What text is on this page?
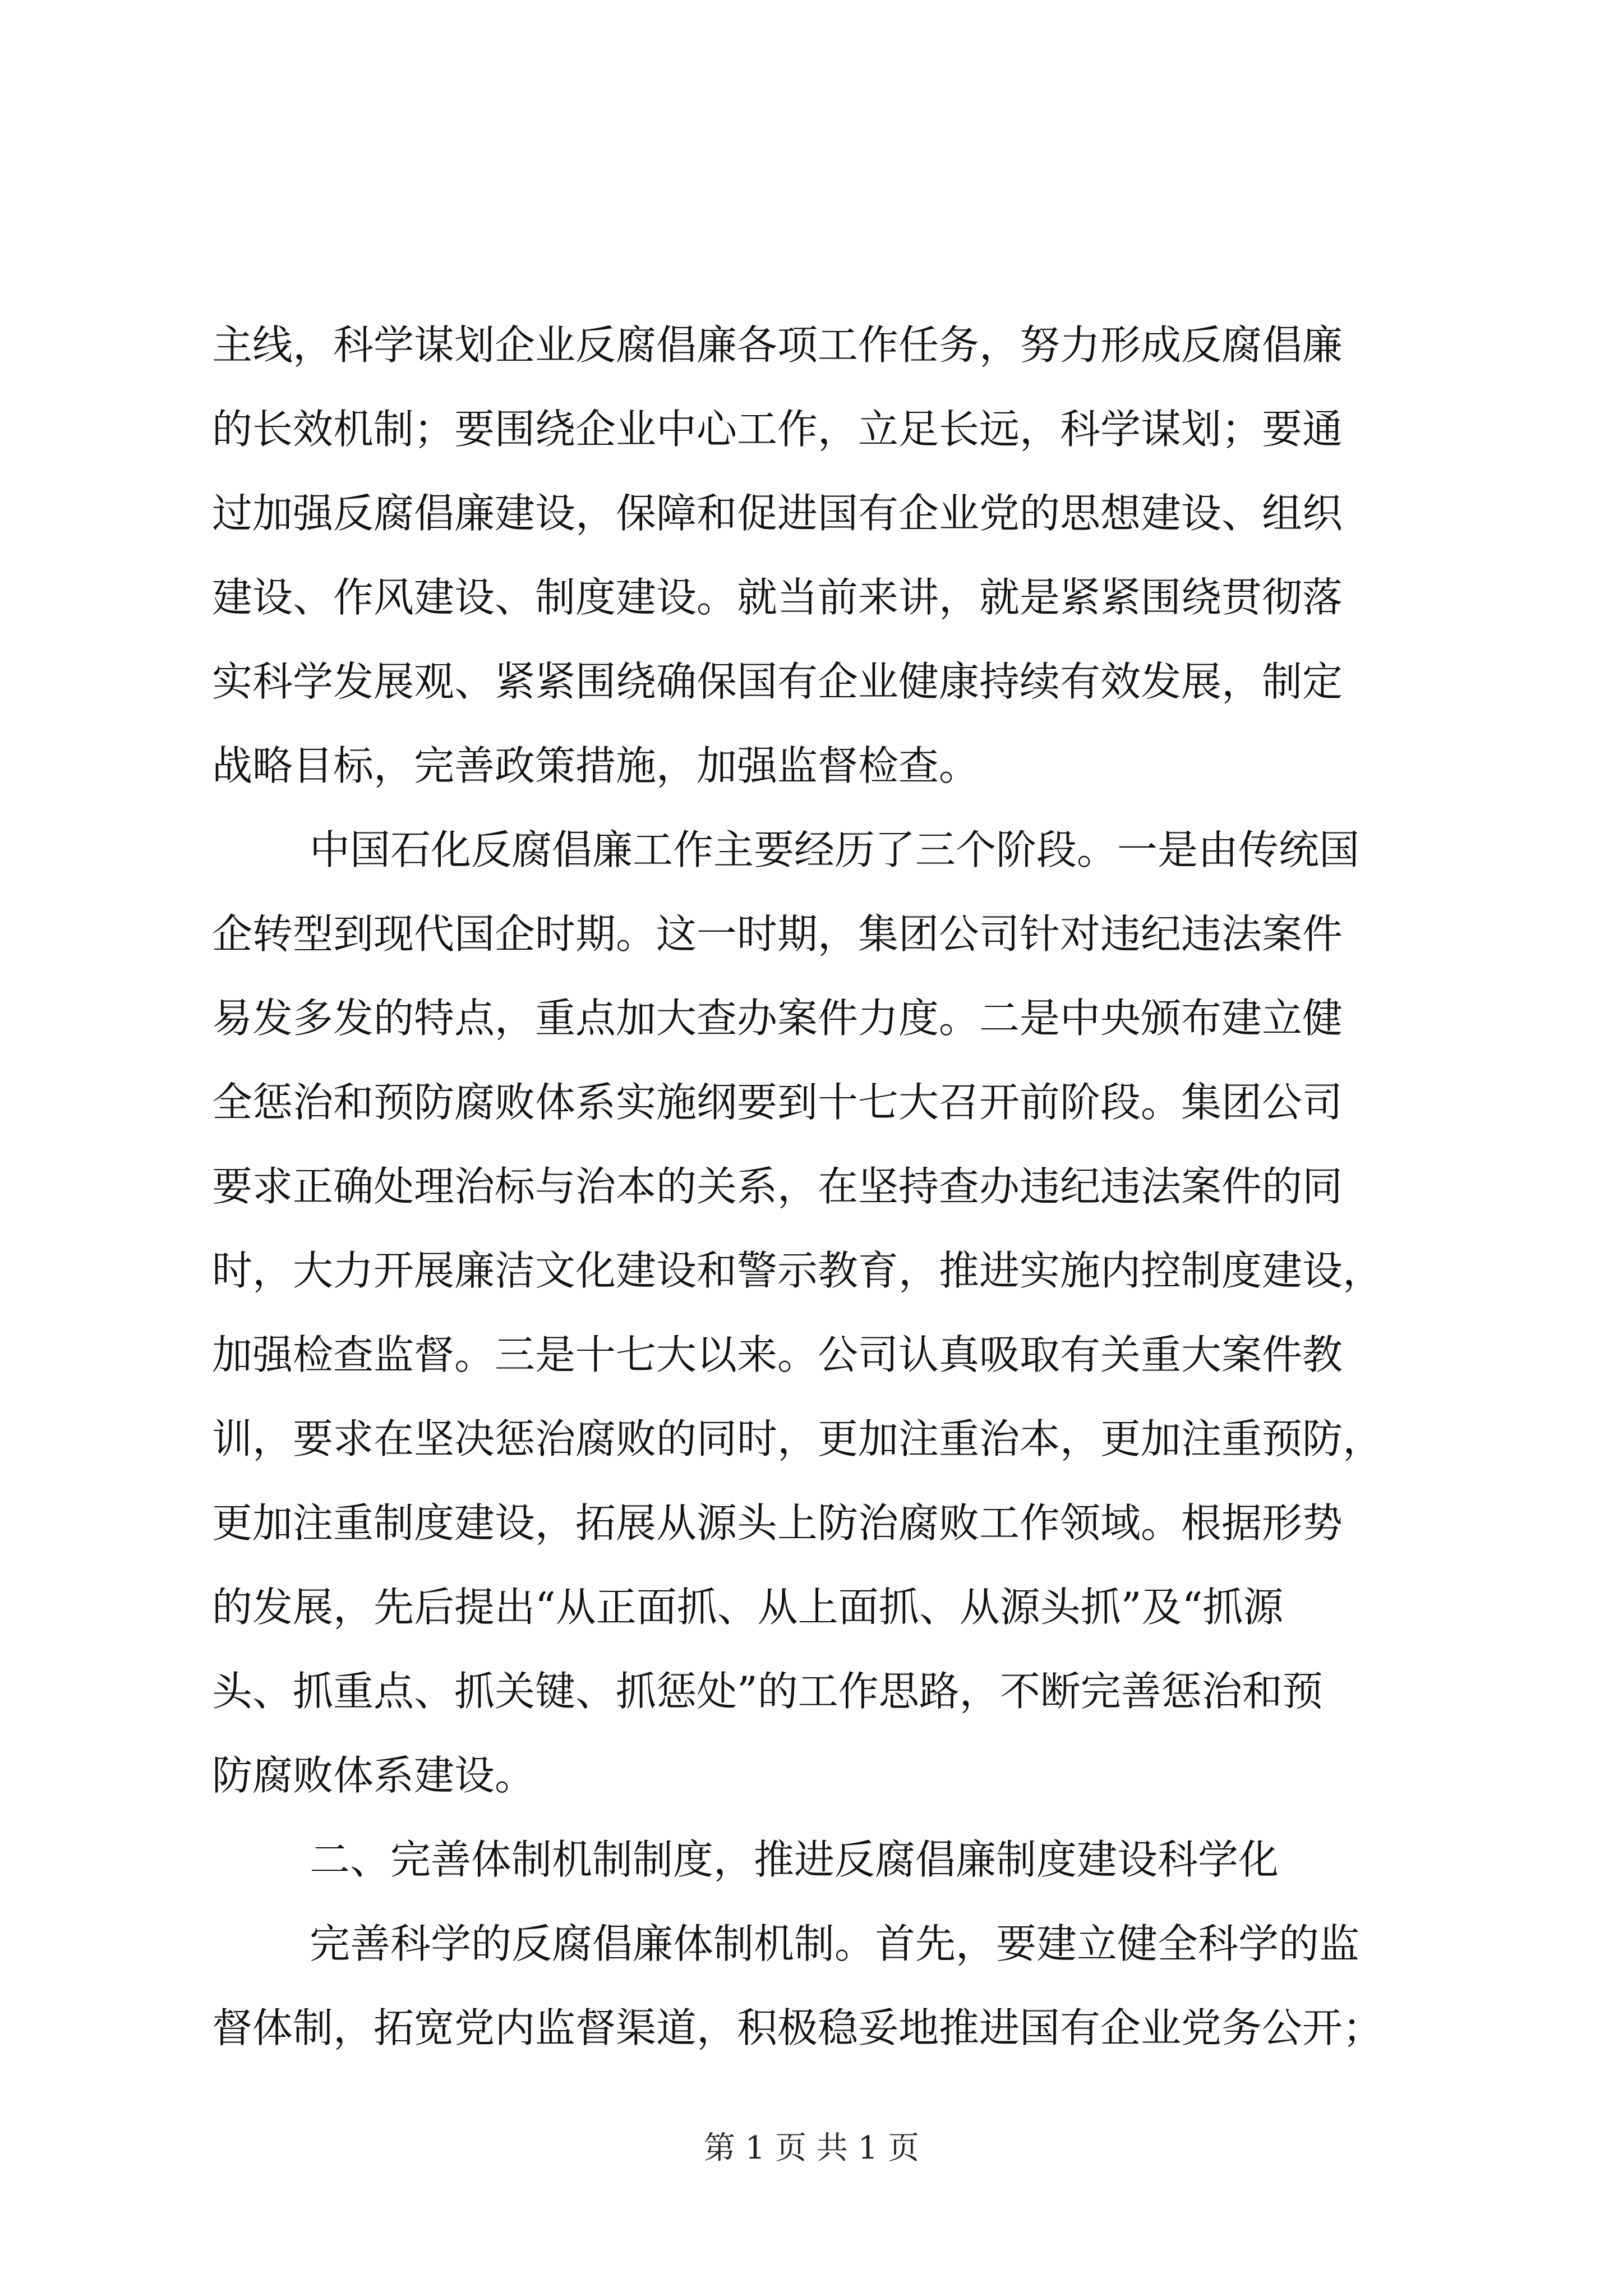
主线，科学谋划企业反腐倡廉各项工作任务，努力形成反腐倡廉
的长效机制；要围绕企业中心工作，立足长远，科学谋划；要通
过加强反腐倡廉建设，保障和促进国有企业党的思想建设、组织
建设、作风建设、制度建设。就当前来讲，就是紧紧围绕贯彻落
实科学发展观、紧紧围绕确保国有企业健康持续有效发展，制定
战略目标，完善政策措施，加强监督检查。
中国石化反腐倡廉工作主要经历了三个阶段。一是由传统国
企转型到现代国企时期。这一时期，集团公司针对违纪违法案件
易发多发的特点，重点加大查办案件力度。二是中央颁布建立健
全惩治和预防腐败体系实施纲要到十七大召开前阶段。集团公司
要求正确处理治标与治本的关系，在坚持查办违纪违法案件的同
时，大力开展廉洁文化建设和警示教育，推进实施内控制度建设，
加强检查监督。三是十七大以来。公司认真吸取有关重大案件教
训，要求在坚决惩治腐败的同时，更加注重治本，更加注重预防，
更加注重制度建设，拓展从源头上防治腐败工作领域。根据形势
的发展，先后提出“从正面抓、从上面抓、从源头抓”及“抓源
头、抓重点、抓关键、抓惩处”的工作思路，不断完善惩治和预
防腐败体系建设。
二、完善体制机制制度，推进反腐倡廉制度建设科学化
完善科学的反腐倡廉体制机制。首先，要建立健全科学的监
督体制，拓宽党内监督渠道，积极稳妥地推进国有企业党务公开；
第 1 页 共 1 页
